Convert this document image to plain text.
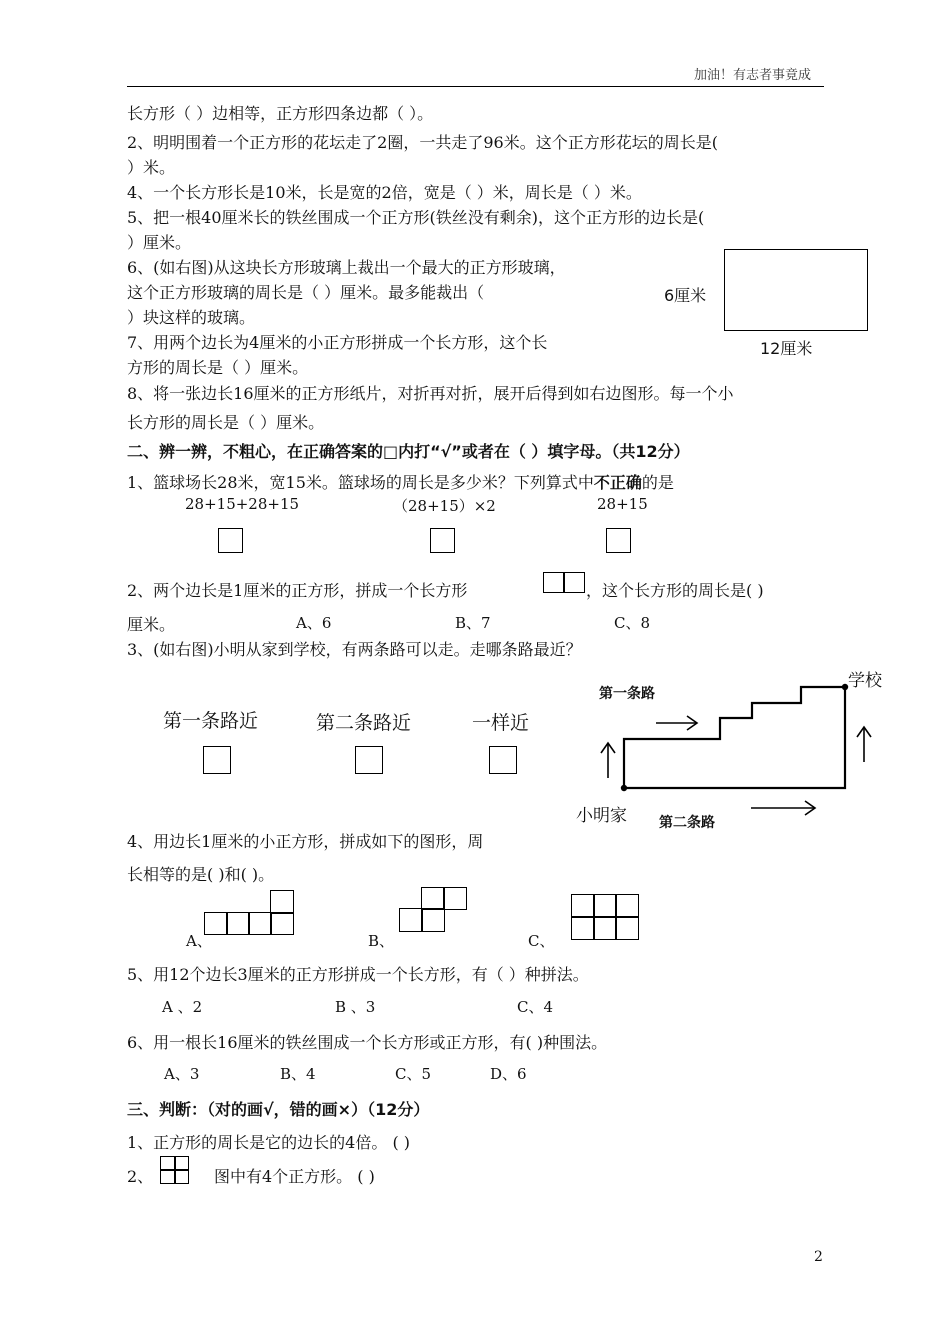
加油！有志者事竟成
长方形（ ）边相等，正方形四条边都（ ）。
2、明明围着一个正方形的花坛走了2圈，一共走了96米。这个正方形花坛的周长是(
）米。
4、一个长方形长是10米，长是宽的2倍，宽是（ ）米，周长是（ ）米。
5、把一根40厘米长的铁丝围成一个正方形(铁丝没有剩余)，这个正方形的边长是(
）厘米。
6、(如右图)从这块长方形玻璃上裁出一个最大的正方形玻璃，
这个正方形玻璃的周长是（ ）厘米。最多能裁出（
）块这样的玻璃。
7、用两个边长为4厘米的小正方形拼成一个长方形，这个长
方形的周长是（ ）厘米。
8、将一张边长16厘米的正方形纸片，对折再对折，展开后得到如右边图形。每一个小
长方形的周长是（ ）厘米。
6厘米
12厘米
二、辨一辨，不粗心，在正确答案的□内打“√”或者在（ ）填字母。（共12分）
1、篮球场长28米，宽15米。篮球场的周长是多少米？下列算式中不正确的是
28+15+28+15	（28+15）×2	28+15
2、两个边长是1厘米的正方形，拼成一个长方形	，这个长方形的周长是( )
厘米。	A、6	B、7	C、8
3、(如右图)小明从家到学校，有两条路可以走。走哪条路最近？
第一条路近	第二条路近	一样近
第一条路
第二条路
小明家
学校
4、用边长1厘米的小正方形，拼成如下的图形，周
长相等的是( )和( )。
A、	B、	C、
5、用12个边长3厘米的正方形拼成一个长方形，有（ ）种拼法。
A 、2	B 、3	C、4
6、用一根长16厘米的铁丝围成一个长方形或正方形，有( )种围法。
A、3	B、4	C、5	D、6
三、判断：（对的画√，错的画×）（12分）
1、正方形的周长是它的边长的4倍。 ( )
2、	图中有4个正方形。 ( )
2
